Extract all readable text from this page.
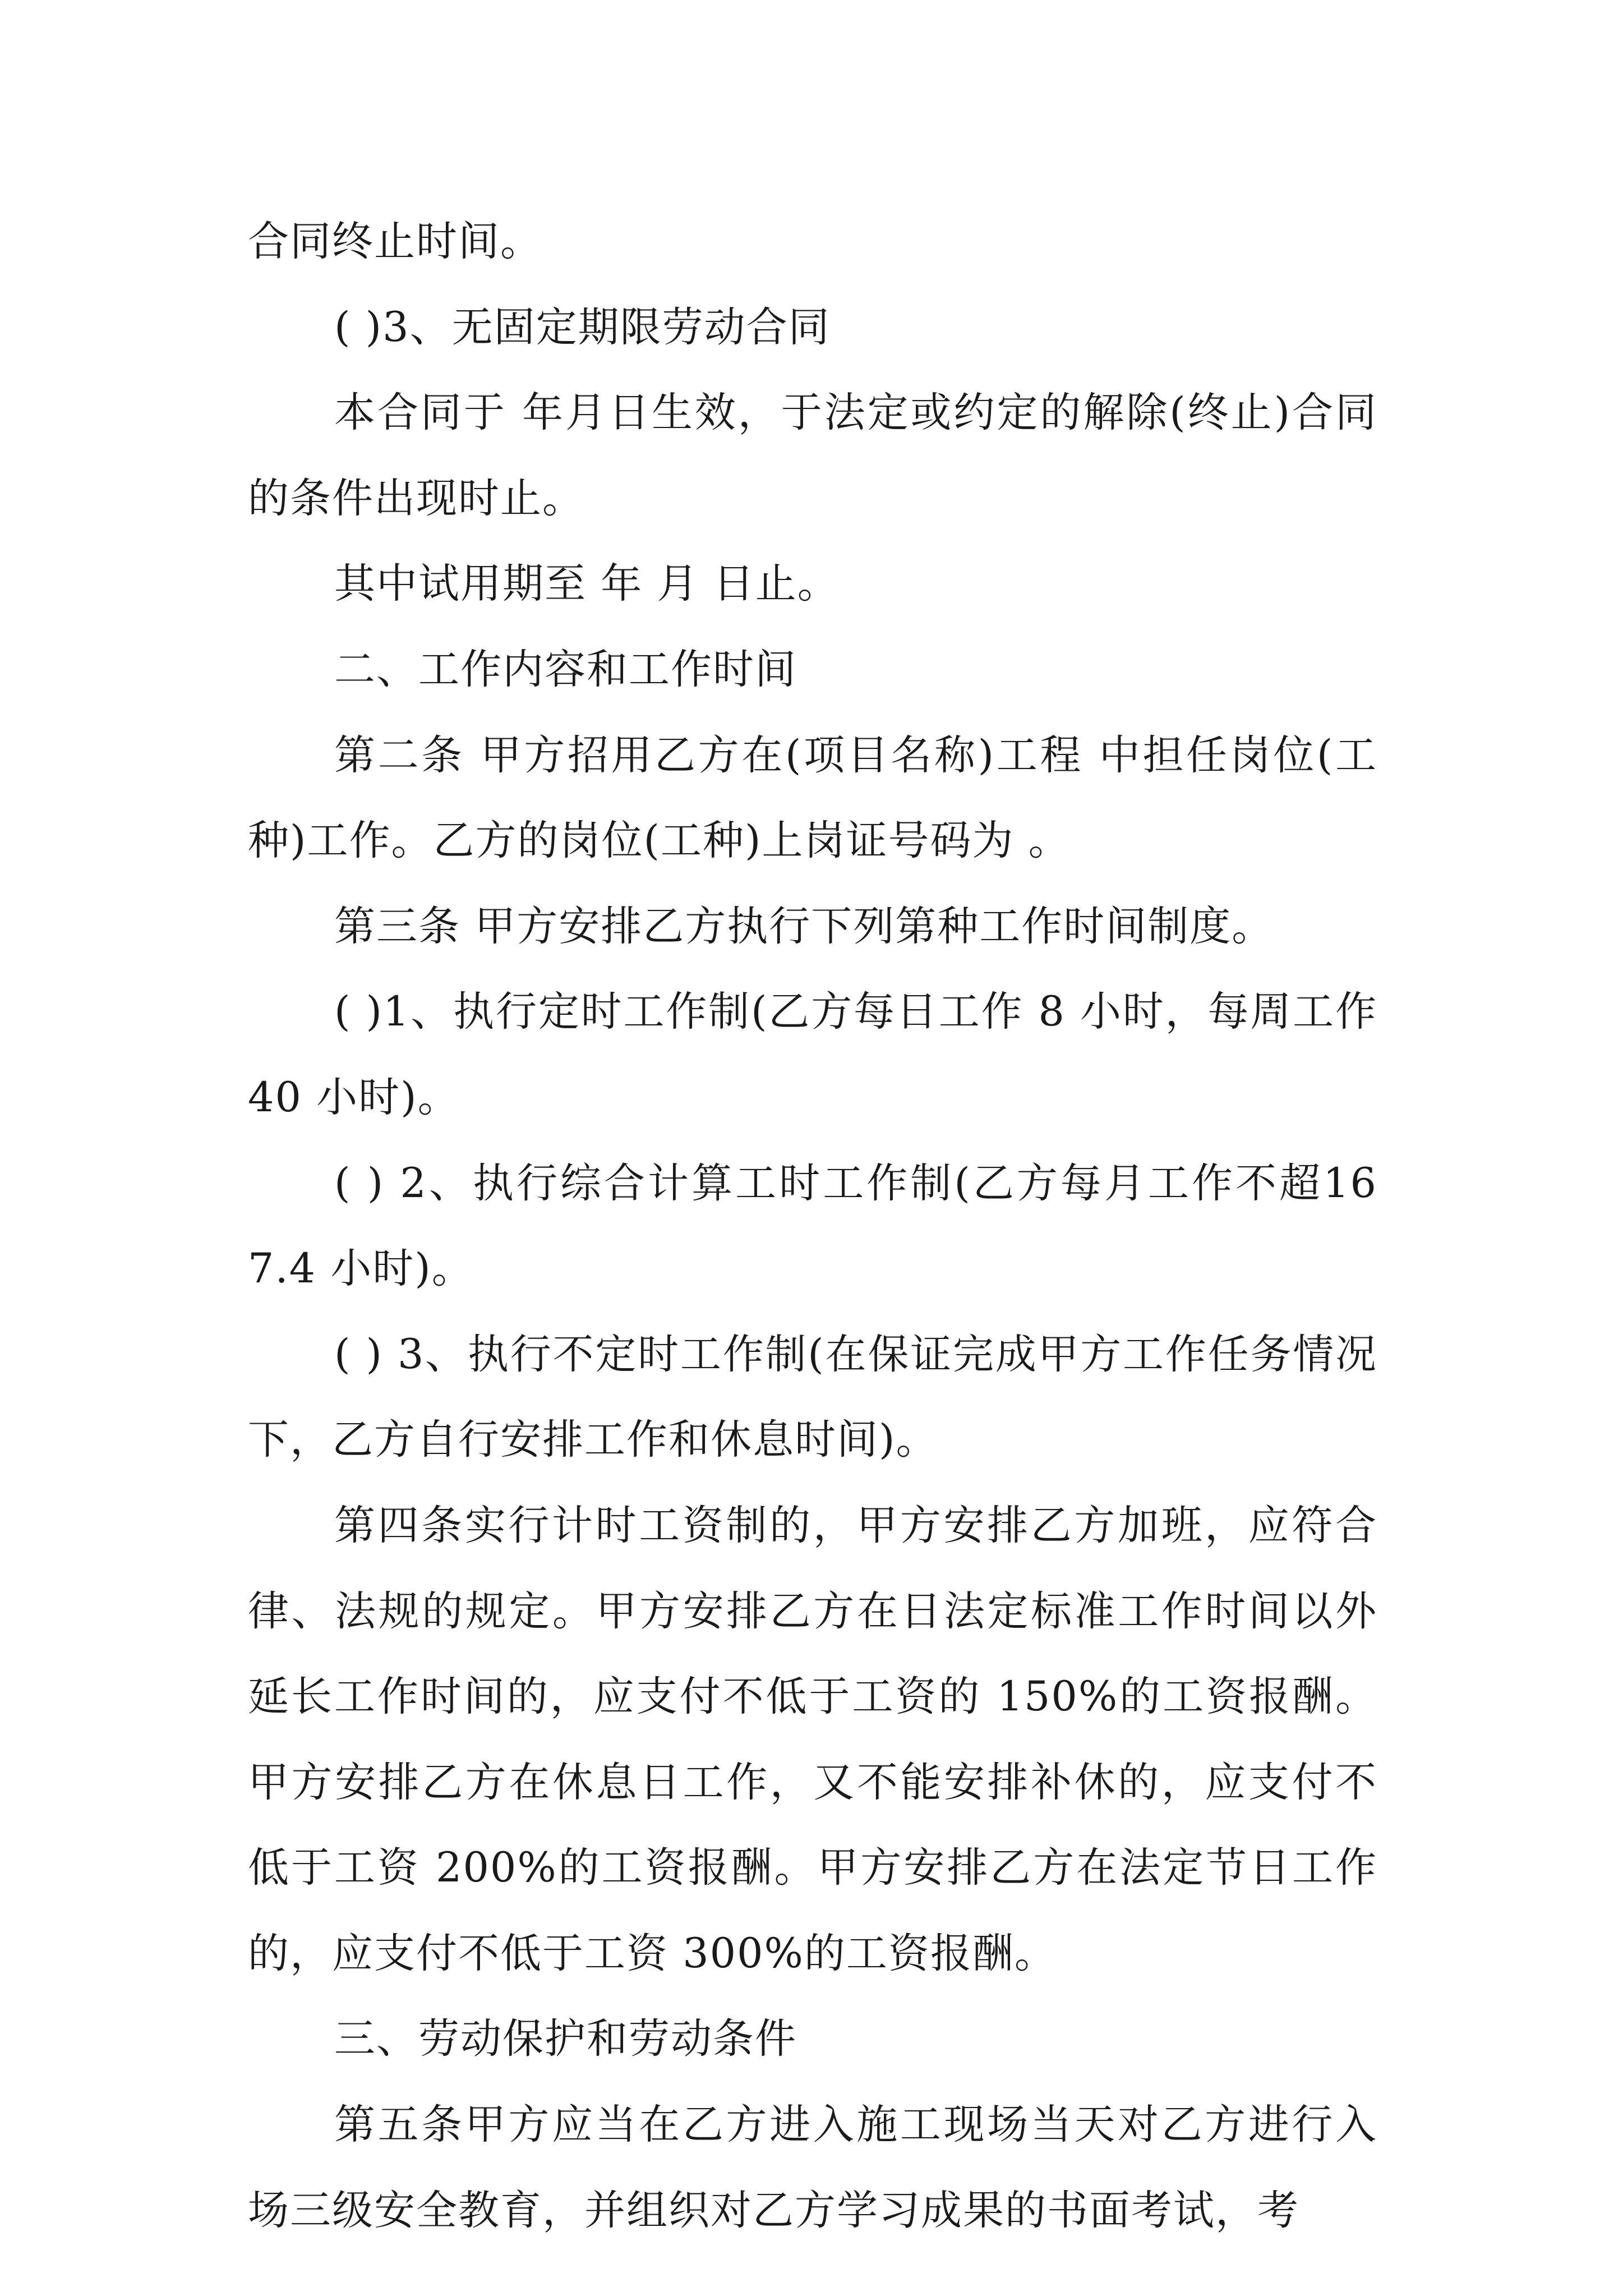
合同终止时间。

( )3、无固定期限劳动合同

本合同于 年月日生效，于法定或约定的解除(终止)合同的条件出现时止。

其中试用期至 年 月 日止。

二、工作内容和工作时间

第二条 甲方招用乙方在(项目名称)工程 中担任岗位(工种)工作。乙方的岗位(工种)上岗证号码为 。

第三条 甲方安排乙方执行下列第种工作时间制度。

( )1、执行定时工作制(乙方每日工作 8 小时，每周工作 40 小时)。

( ) 2、执行综合计算工时工作制(乙方每月工作不超167.4 小时)。

( ) 3、执行不定时工作制(在保证完成甲方工作任务情况下，乙方自行安排工作和休息时间)。

第四条实行计时工资制的，甲方安排乙方加班，应符合律、法规的规定。甲方安排乙方在日法定标准工作时间以外延长工作时间的，应支付不低于工资的 150%的工资报酬。甲方安排乙方在休息日工作，又不能安排补休的，应支付不低于工资 200%的工资报酬。甲方安排乙方在法定节日工作的，应支付不低于工资 300%的工资报酬。

三、劳动保护和劳动条件

第五条甲方应当在乙方进入施工现场当天对乙方进行入场三级安全教育，并组织对乙方学习成果的书面考试，考
